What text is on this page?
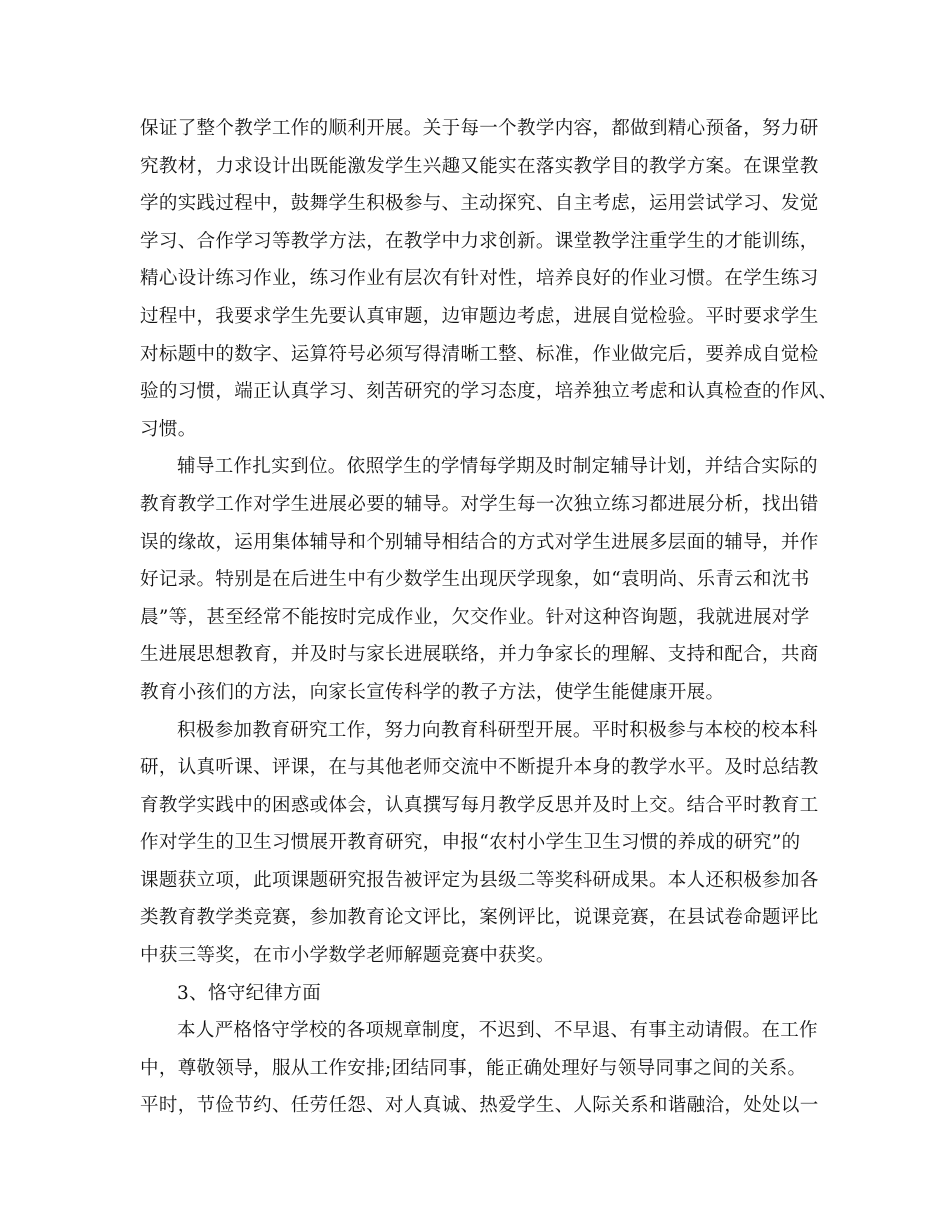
保证了整个教学工作的顺利开展。关于每一个教学内容，都做到精心预备，努力研
究教材，力求设计出既能激发学生兴趣又能实在落实教学目的教学方案。在课堂教
学的实践过程中，鼓舞学生积极参与、主动探究、自主考虑，运用尝试学习、发觉
学习、合作学习等教学方法，在教学中力求创新。课堂教学注重学生的才能训练，
精心设计练习作业，练习作业有层次有针对性，培养良好的作业习惯。在学生练习
过程中，我要求学生先要认真审题，边审题边考虑，进展自觉检验。平时要求学生
对标题中的数字、运算符号必须写得清晰工整、标准，作业做完后，要养成自觉检
验的习惯，端正认真学习、刻苦研究的学习态度，培养独立考虑和认真检查的作风、
习惯。
辅导工作扎实到位。依照学生的学情每学期及时制定辅导计划，并结合实际的
教育教学工作对学生进展必要的辅导。对学生每一次独立练习都进展分析，找出错
误的缘故，运用集体辅导和个别辅导相结合的方式对学生进展多层面的辅导，并作
好记录。特别是在后进生中有少数学生出现厌学现象，如“袁明尚、乐青云和沈书
晨”等，甚至经常不能按时完成作业，欠交作业。针对这种咨询题，我就进展对学
生进展思想教育，并及时与家长进展联络，并力争家长的理解、支持和配合，共商
教育小孩们的方法，向家长宣传科学的教子方法，使学生能健康开展。
积极参加教育研究工作，努力向教育科研型开展。平时积极参与本校的校本科
研，认真听课、评课，在与其他老师交流中不断提升本身的教学水平。及时总结教
育教学实践中的困惑或体会，认真撰写每月教学反思并及时上交。结合平时教育工
作对学生的卫生习惯展开教育研究，申报“农村小学生卫生习惯的养成的研究”的
课题获立项，此项课题研究报告被评定为县级二等奖科研成果。本人还积极参加各
类教育教学类竞赛，参加教育论文评比，案例评比，说课竞赛，在县试卷命题评比
中获三等奖，在市小学数学老师解题竞赛中获奖。
3、恪守纪律方面
本人严格恪守学校的各项规章制度，不迟到、不早退、有事主动请假。在工作
中，尊敬领导，服从工作安排;团结同事，能正确处理好与领导同事之间的关系。
平时，节俭节约、任劳任怨、对人真诚、热爱学生、人际关系和谐融洽，处处以一
